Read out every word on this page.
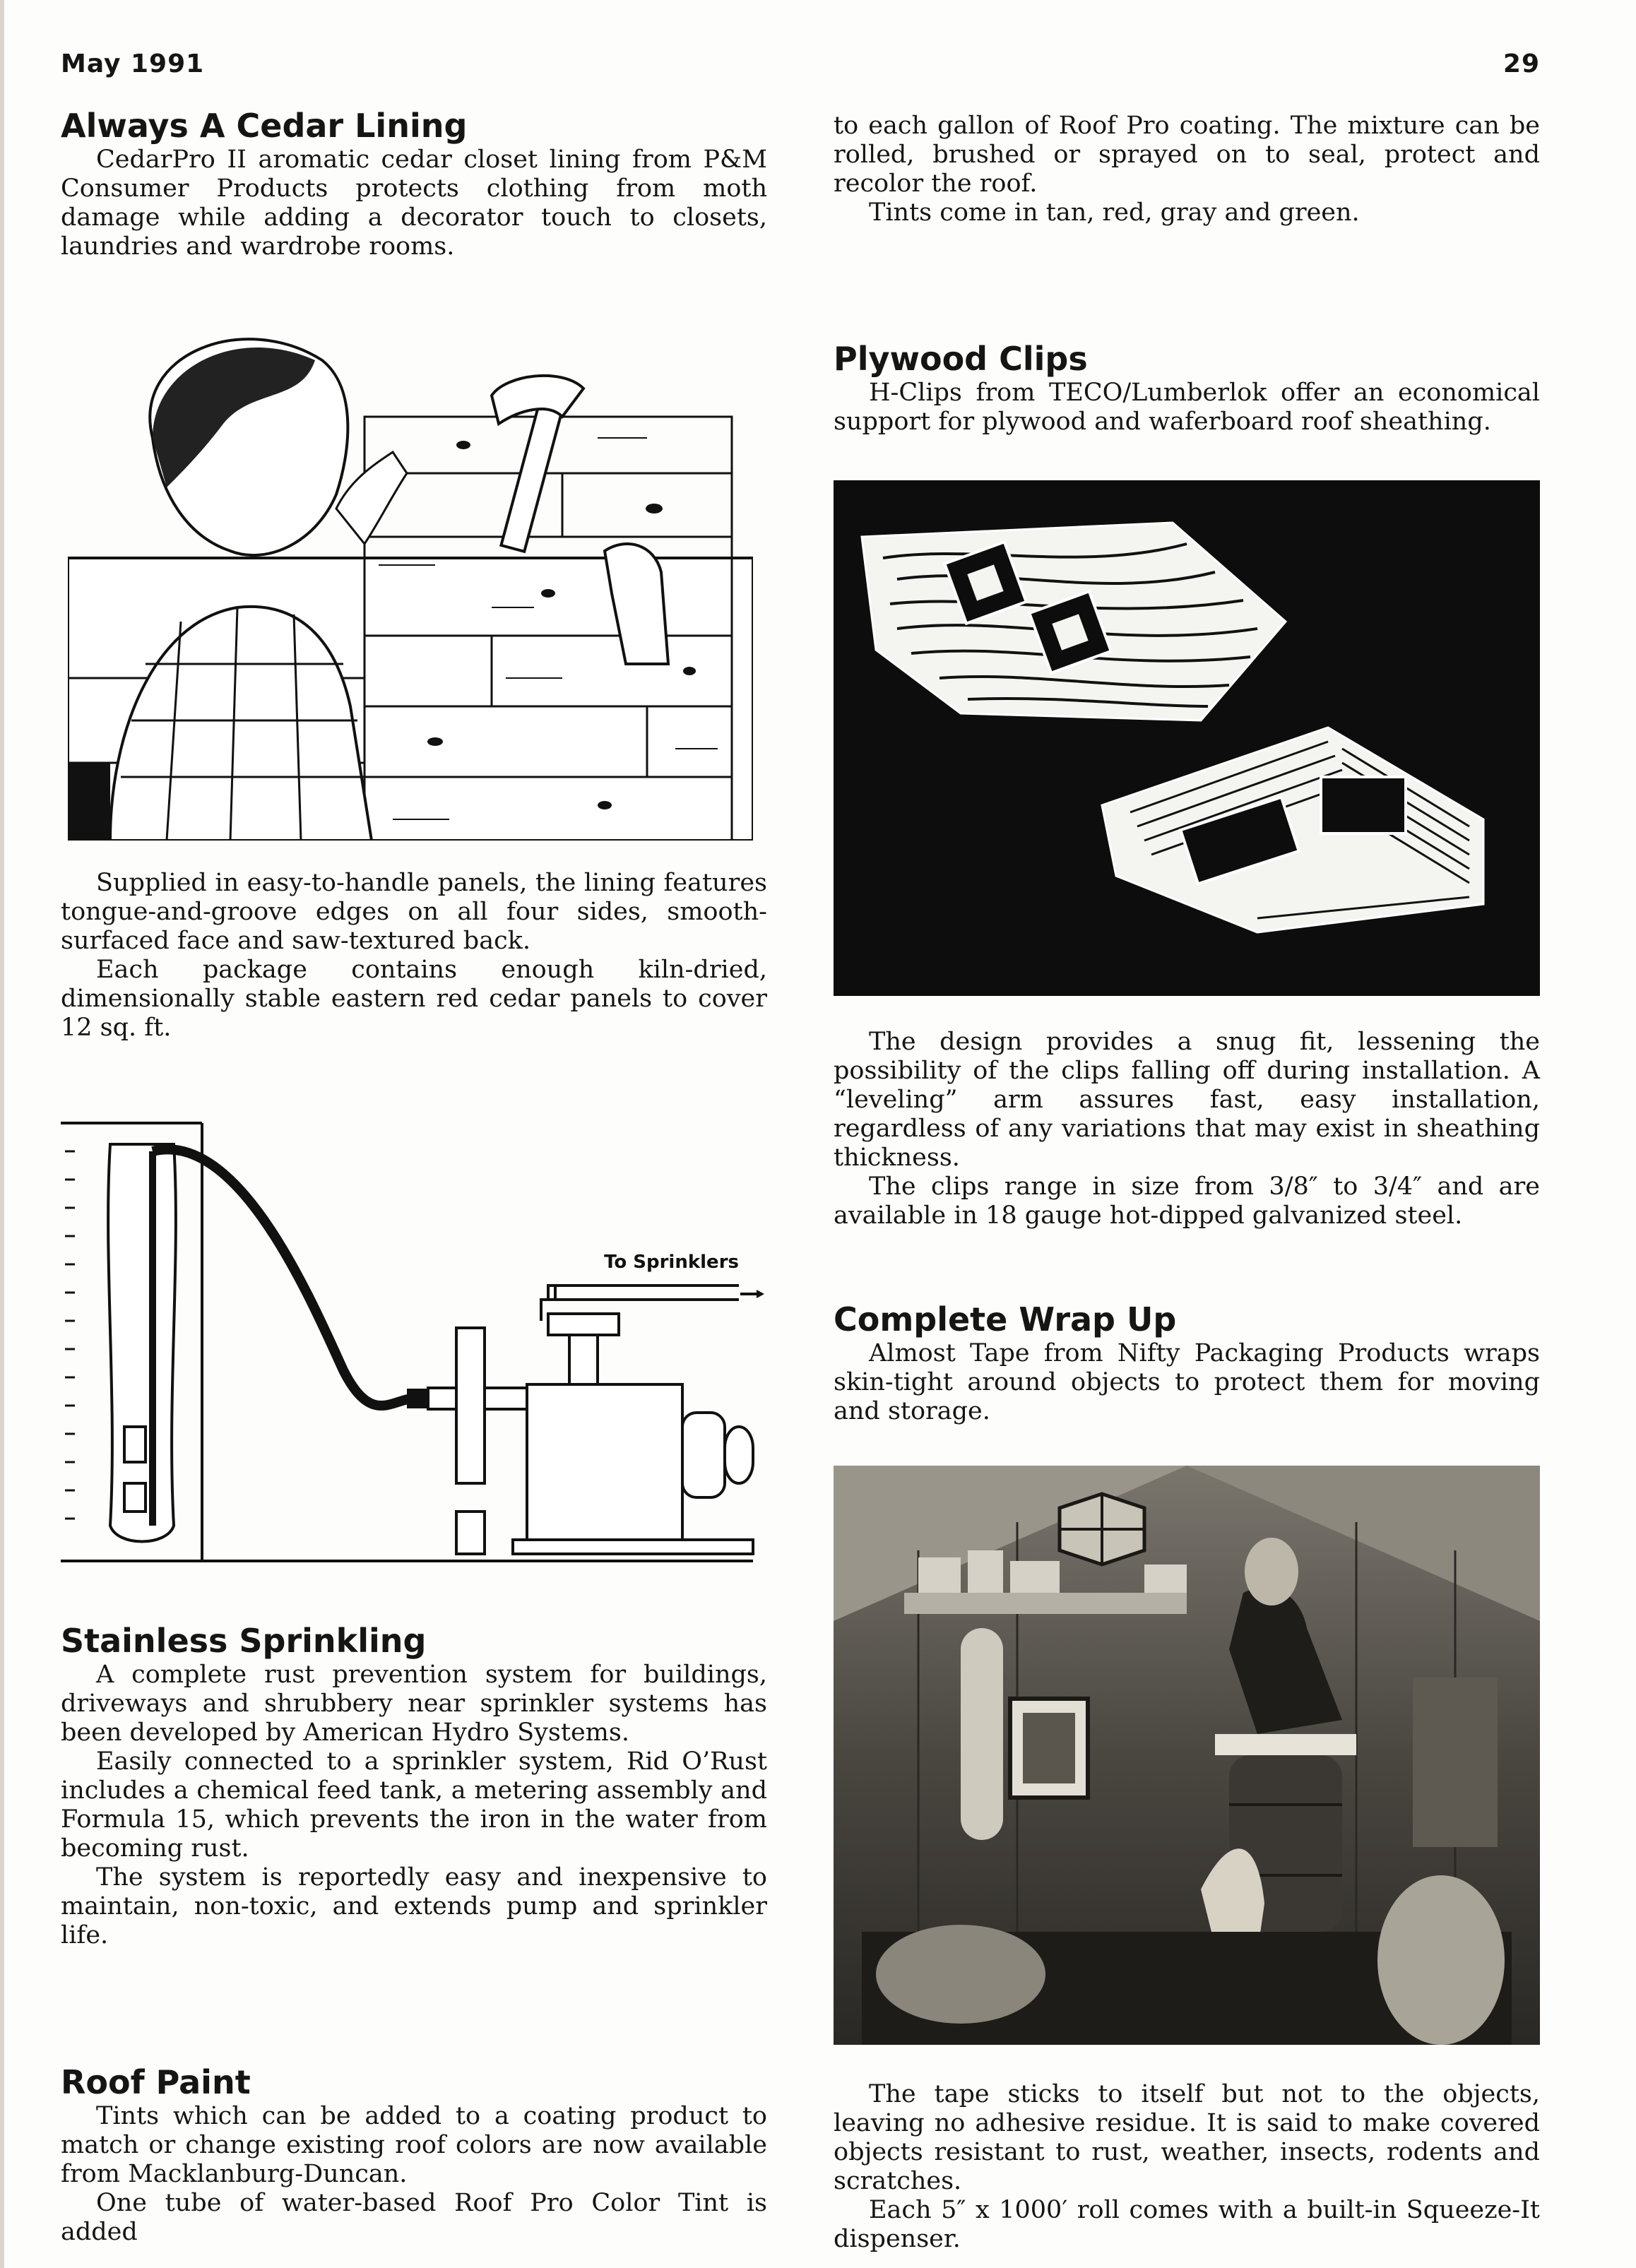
May 1991	29
Always A Cedar Lining

CedarPro II aromatic cedar closet lining from P&M Consumer Products protects clothing from moth damage while adding a decorator touch to closets, laundries and wardrobe rooms.

Supplied in easy-to-handle panels, the lining features tongue-and-groove edges on all four sides, smooth-surfaced face and saw-textured back.

Each package contains enough kiln-dried, dimensionally stable eastern red cedar panels to cover 12 sq. ft.

To Sprinklers
Stainless Sprinkling

A complete rust prevention system for buildings, driveways and shrubbery near sprinkler systems has been developed by American Hydro Systems.

Easily connected to a sprinkler system, Rid O’Rust includes a chemical feed tank, a metering assembly and Formula 15, which prevents the iron in the water from becoming rust.

The system is reportedly easy and inexpensive to maintain, non-toxic, and extends pump and sprinkler life.

Roof Paint

Tints which can be added to a coating product to match or change existing roof colors are now available from Macklanburg-Duncan.

One tube of water-based Roof Pro Color Tint is added

to each gallon of Roof Pro coating. The mixture can be rolled, brushed or sprayed on to seal, protect and recolor the roof.

Tints come in tan, red, gray and green.

Plywood Clips

H-Clips from TECO/Lumberlok offer an economical support for plywood and waferboard roof sheathing.

The design provides a snug fit, lessening the possibility of the clips falling off during installation. A “leveling” arm assures fast, easy installation, regardless of any variations that may exist in sheathing thickness.

The clips range in size from 3/8″ to 3/4″ and are available in 18 gauge hot-dipped galvanized steel.

Complete Wrap Up

Almost Tape from Nifty Packaging Products wraps skin-tight around objects to protect them for moving and storage.

The tape sticks to itself but not to the objects, leaving no adhesive residue. It is said to make covered objects resistant to rust, weather, insects, rodents and scratches.

Each 5″ x 1000′ roll comes with a built-in Squeeze-It dispenser.
